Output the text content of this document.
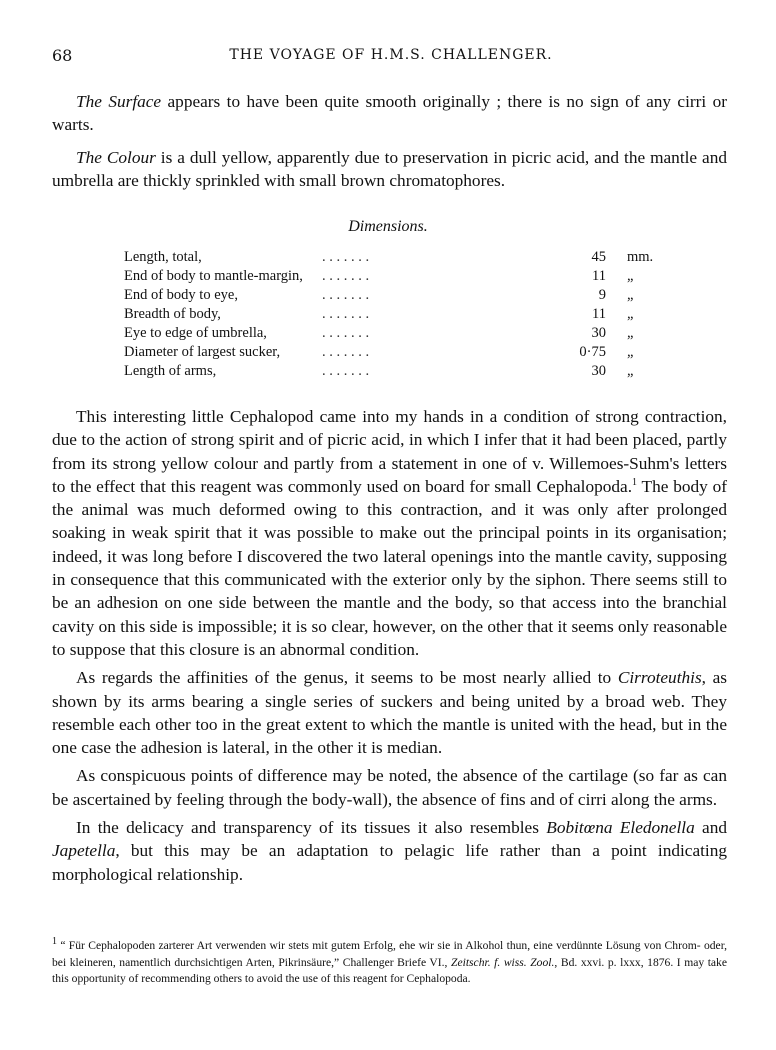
68	THE VOYAGE OF H.M.S. CHALLENGER.

The Surface appears to have been quite smooth originally ; there is no sign of any cirri or warts.

The Colour is a dull yellow, apparently due to preservation in picric acid, and the mantle and umbrella are thickly sprinkled with small brown chromatophores.

Dimensions.
Length, total,	. . . . . . .	45 mm.
End of body to mantle-margin, . . . . . . .	11 „
End of body to eye,	. . . . . . .	9 „
Breadth of body,	. . . . . . .	11 „
Eye to edge of umbrella,	. . . . . . .	30 „
Diameter of largest sucker,	. . . . . . .	0·75 „
Length of arms,	. . . . . . .	30 „

This interesting little Cephalopod came into my hands in a condition of strong contraction, due to the action of strong spirit and of picric acid, in which I infer that it had been placed, partly from its strong yellow colour and partly from a statement in one of v. Willemoes-Suhm's letters to the effect that this reagent was commonly used on board for small Cephalopoda.$^1$ The body of the animal was much deformed owing to this contraction, and it was only after prolonged soaking in weak spirit that it was possible to make out the principal points in its organisation; indeed, it was long before I discovered the two lateral openings into the mantle cavity, supposing in consequence that this communicated with the exterior only by the siphon. There seems still to be an adhesion on one side between the mantle and the body, so that access into the branchial cavity on this side is impossible; it is so clear, however, on the other that it seems only reasonable to suppose that this closure is an abnormal condition.

As regards the affinities of the genus, it seems to be most nearly allied to Cirroteuthis, as shown by its arms bearing a single series of suckers and being united by a broad web. They resemble each other too in the great extent to which the mantle is united with the head, but in the one case the adhesion is lateral, in the other it is median.

As conspicuous points of difference may be noted, the absence of the cartilage (so far as can be ascertained by feeling through the body-wall), the absence of fins and of cirri along the arms.

In the delicacy and transparency of its tissues it also resembles Bobitœna Eledonella and Japetella, but this may be an adaptation to pelagic life rather than a point indicating morphological relationship.

$^1$ “ Für Cephalopoden zarterer Art verwenden wir stets mit gutem Erfolg, ehe wir sie in Alkohol thun, eine verdünnte Lösung von Chrom- oder, bei kleineren, namentlich durchsichtigen Arten, Pikrinsäure,” Challenger Briefe VI., Zeitschr. f. wiss. Zool., Bd. xxvi. p. lxxx, 1876. I may take this opportunity of recommending others to avoid the use of this reagent for Cephalopoda.
